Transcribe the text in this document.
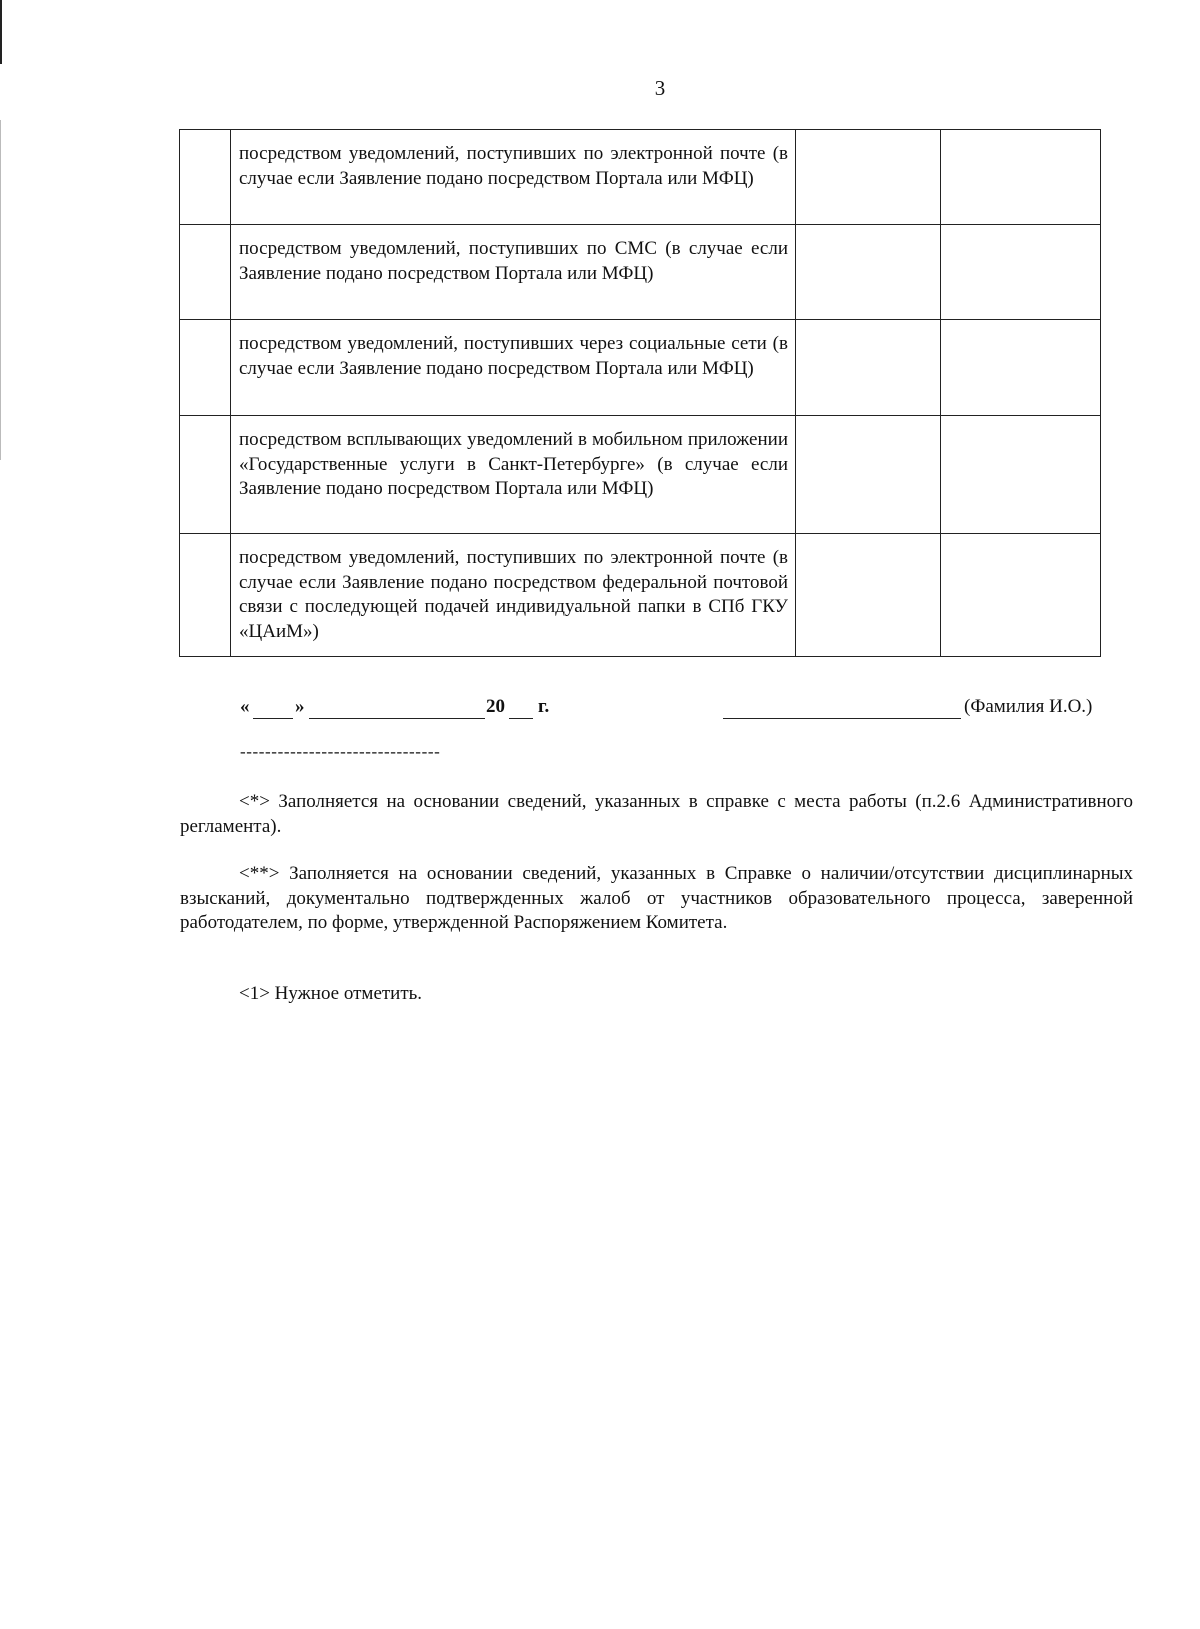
3

	посредством уведомлений, поступивших по электронной почте (в случае если Заявление подано посредством Портала или МФЦ)		

	посредством уведомлений, поступивших по СМС (в случае если Заявление подано посредством Портала или МФЦ)		

	посредством уведомлений, поступивших через социальные сети (в случае если Заявление подано посредством Портала или МФЦ)		

	посредством всплывающих уведомлений в мобильном приложении «Государственные услуги в Санкт-Петербурге» (в случае если Заявление подано посредством Портала или МФЦ)		

	посредством уведомлений, поступивших по электронной почте (в случае если Заявление подано посредством федеральной почтовой связи с последующей подачей индивидуальной папки в СПб ГКУ «ЦАиМ»)		

« »	20 г.	(Фамилия И.О.)
--------------------------------
<*> Заполняется на основании сведений, указанных в справке с места работы (п.2.6 Административного регламента).
<**> Заполняется на основании сведений, указанных в Справке о наличии/отсутствии дисциплинарных взысканий, документально подтвержденных жалоб от участников образовательного процесса, заверенной работодателем, по форме, утвержденной Распоряжением Комитета.
<1> Нужное отметить.
